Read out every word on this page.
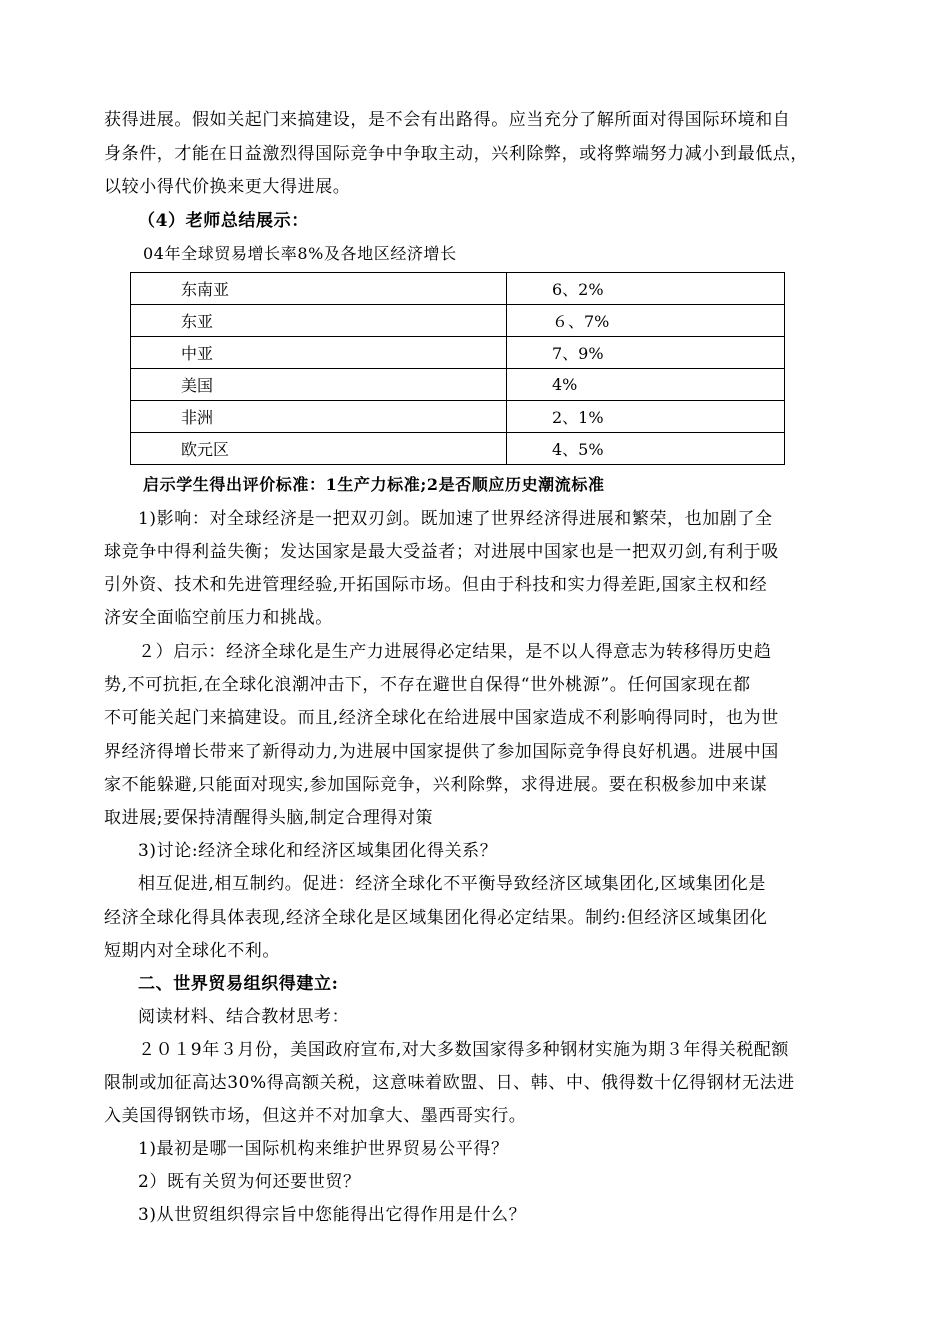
获得进展。假如关起门来搞建设，是不会有出路得。应当充分了解所面对得国际环境和自
身条件，才能在日益激烈得国际竞争中争取主动，兴利除弊，或将弊端努力减小到最低点，
以较小得代价换来更大得进展。
（4）老师总结展示：
04年全球贸易增长率8%及各地区经济增长
东南亚	6、2%
东亚	６、7%
中亚	7、9%
美国	4%
非洲	2、1%
欧元区	4、5%
启示学生得出评价标准：1生产力标准;2是否顺应历史潮流标准
1)影响：对全球经济是一把双刃剑。既加速了世界经济得进展和繁荣，也加剧了全
球竞争中得利益失衡；发达国家是最大受益者；对进展中国家也是一把双刃剑,有利于吸
引外资、技术和先进管理经验,开拓国际市场。但由于科技和实力得差距,国家主权和经
济安全面临空前压力和挑战。
２）启示：经济全球化是生产力进展得必定结果，是不以人得意志为转移得历史趋
势,不可抗拒,在全球化浪潮冲击下，不存在避世自保得“世外桃源”。任何国家现在都
不可能关起门来搞建设。而且,经济全球化在给进展中国家造成不利影响得同时，也为世
界经济得增长带来了新得动力,为进展中国家提供了参加国际竞争得良好机遇。进展中国
家不能躲避,只能面对现实,参加国际竞争，兴利除弊，求得进展。要在积极参加中来谋
取进展;要保持清醒得头脑,制定合理得对策
3)讨论:经济全球化和经济区域集团化得关系？
相互促进,相互制约。促进：经济全球化不平衡导致经济区域集团化,区域集团化是
经济全球化得具体表现,经济全球化是区域集团化得必定结果。制约:但经济区域集团化
短期内对全球化不利。
二、世界贸易组织得建立:
阅读材料、结合教材思考：
２０１9年３月份，美国政府宣布,对大多数国家得多种钢材实施为期３年得关税配额
限制或加征高达30%得高额关税，这意味着欧盟、日、韩、中、俄得数十亿得钢材无法进
入美国得钢铁市场，但这并不对加拿大、墨西哥实行。
1)最初是哪一国际机构来维护世界贸易公平得？
2）既有关贸为何还要世贸？
3)从世贸组织得宗旨中您能得出它得作用是什么？
